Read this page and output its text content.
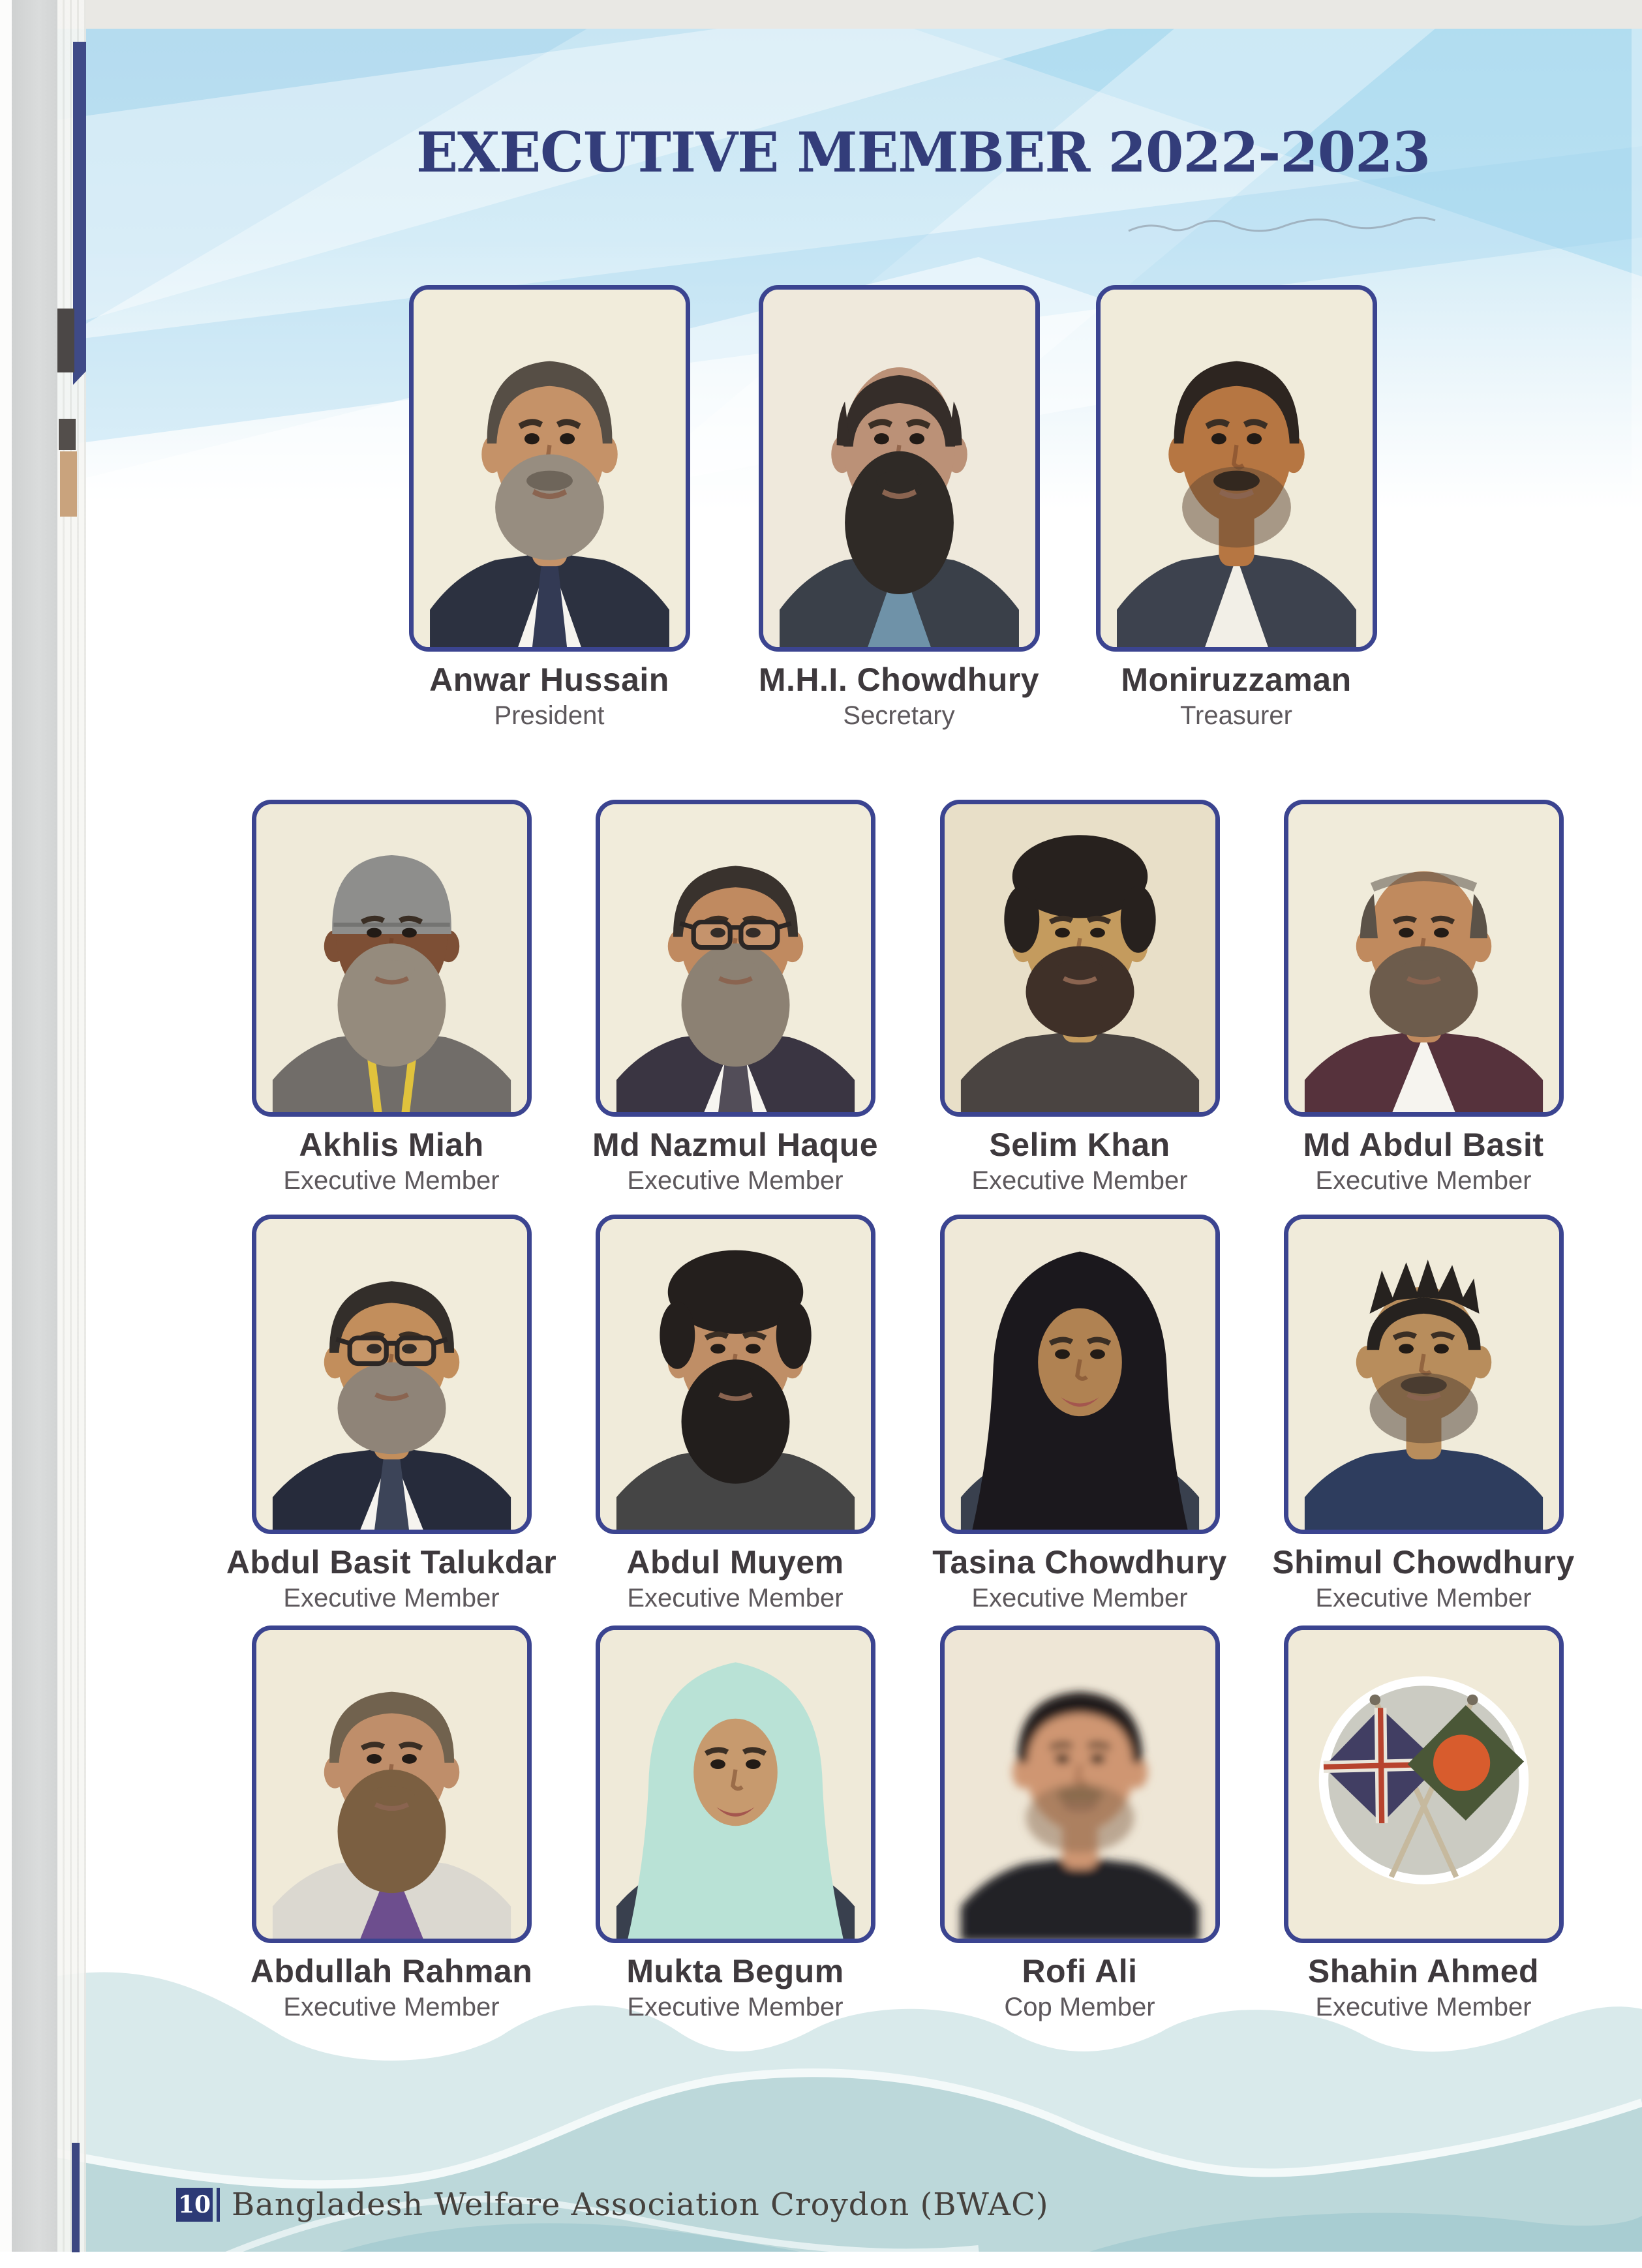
EXECUTIVE MEMBER 2022-2023
Anwar Hussain
President
M.H.I. Chowdhury
Secretary
Moniruzzaman
Treasurer
Akhlis Miah
Executive Member
Md Nazmul Haque
Executive Member
Selim Khan
Executive Member
Md Abdul Basit
Executive Member
Abdul Basit Talukdar
Executive Member
Abdul Muyem
Executive Member
Tasina Chowdhury
Executive Member
Shimul Chowdhury
Executive Member
Abdullah Rahman
Executive Member
Mukta Begum
Executive Member
Rofi Ali
Cop Member
Shahin Ahmed
Executive Member
10 Bangladesh Welfare Association Croydon (BWAC)
